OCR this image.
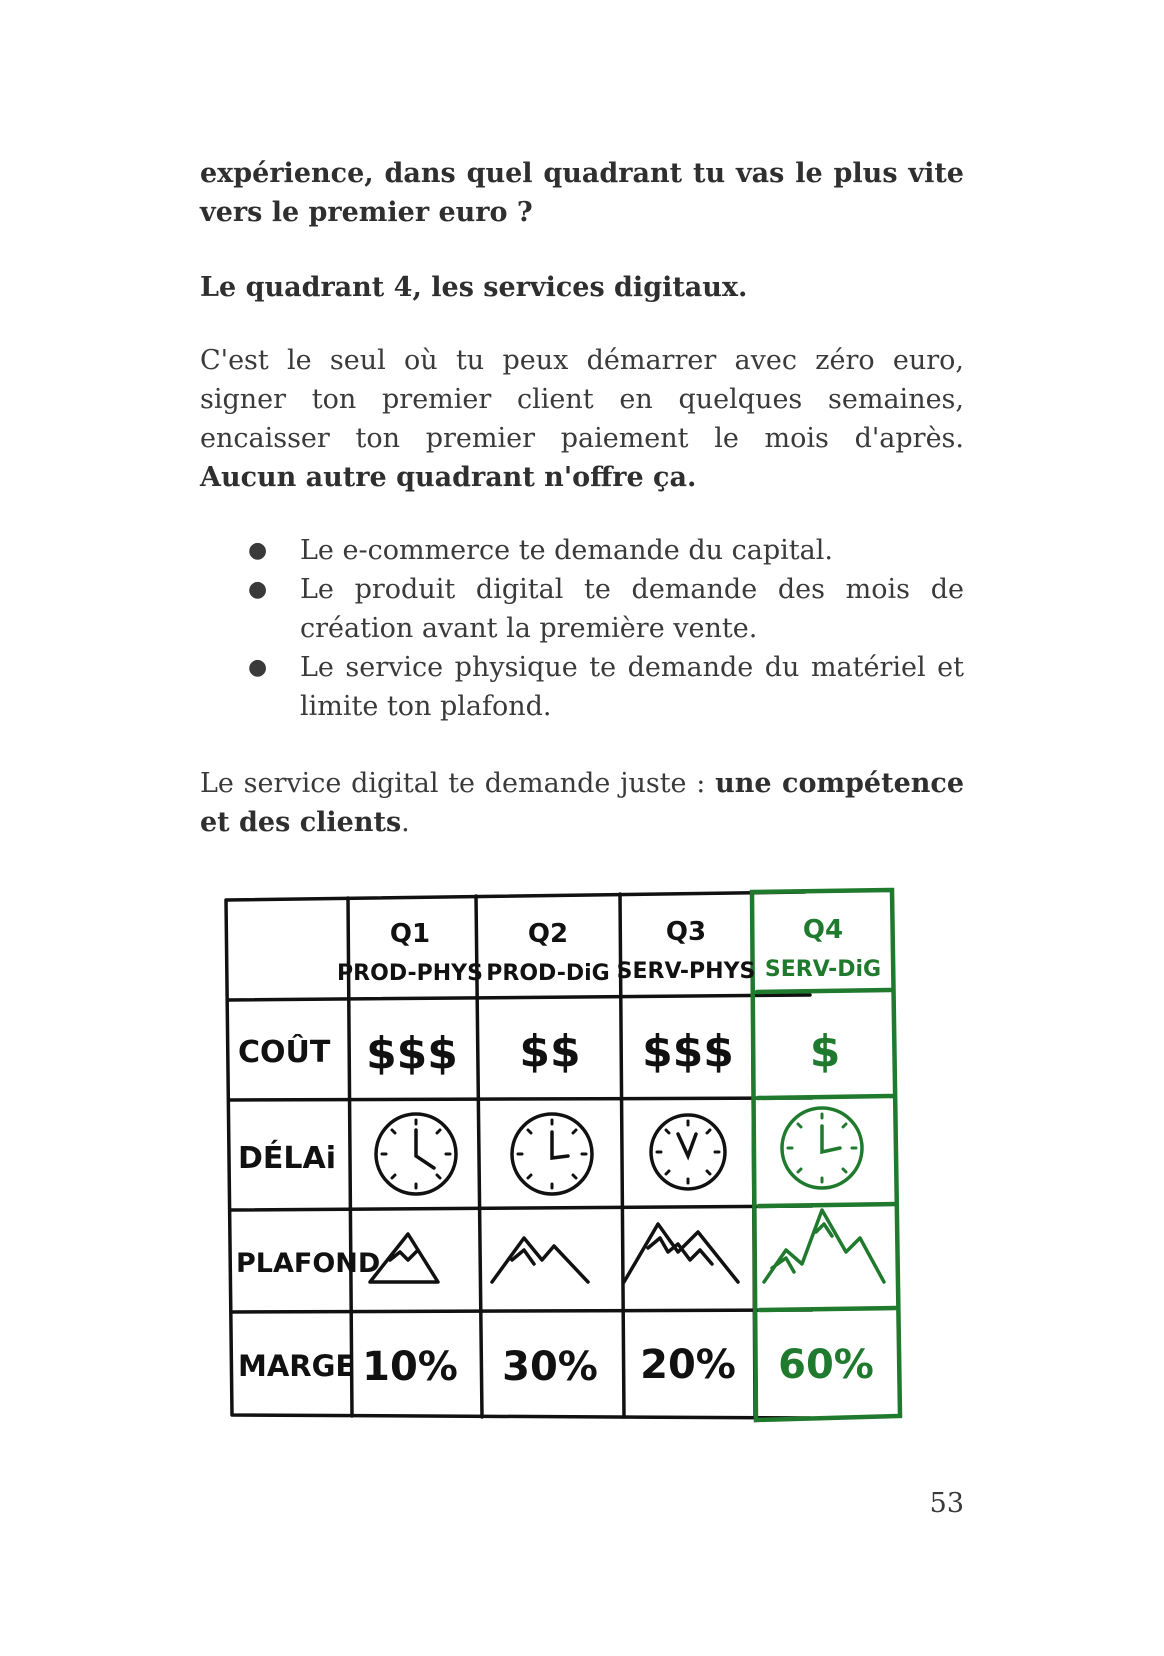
expérience, dans quel quadrant tu vas le plus vite vers le premier euro ?
Le quadrant 4, les services digitaux.
C'est le seul où tu peux démarrer avec zéro euro, signer ton premier client en quelques semaines, encaisser ton premier paiement le mois d'après. Aucun autre quadrant n'offre ça.
● Le e-commerce te demande du capital.
● Le produit digital te demande des mois de création avant la première vente.
● Le service physique te demande du matériel et limite ton plafond.
Le service digital te demande juste : une compétence et des clients.
Q1
PROD-PHYS
Q2
PROD-DiG
Q3
SERV-PHYS
Q4
SERV-DiG
COÛT
DÉLAi
PLAFOND
MARGE
$$$ $$ $$$ $
10% 30% 20% 60%
53
